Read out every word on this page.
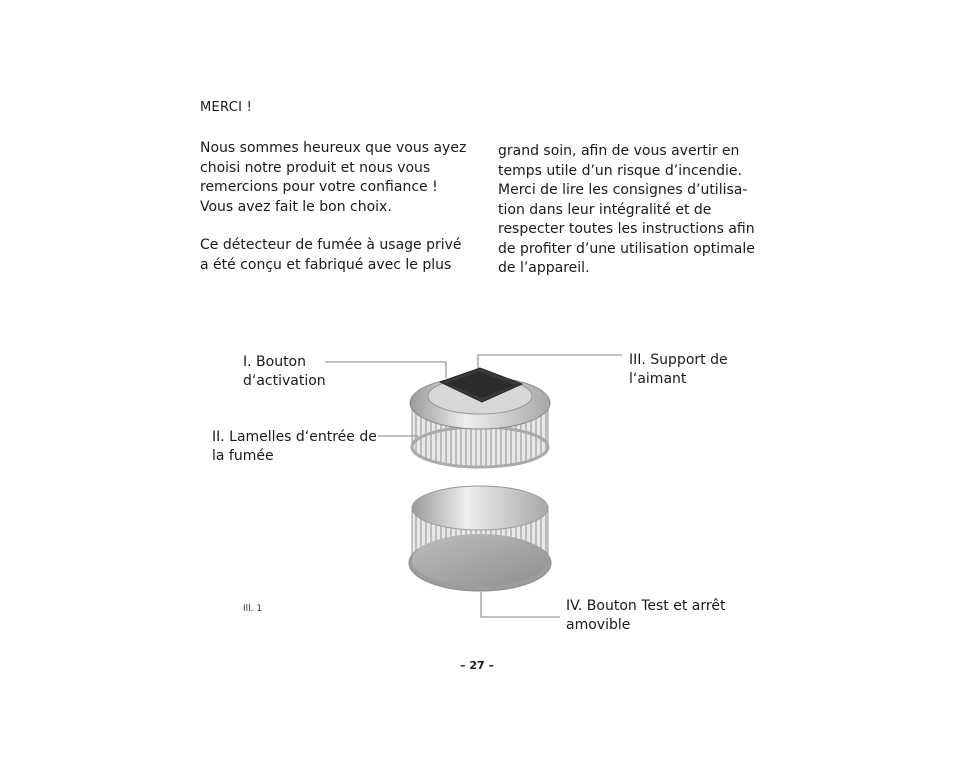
MERCI !
Nous sommes heureux que vous ayez
choisi notre produit et nous vous
remercions pour votre confiance !
Vous avez fait le bon choix.
Ce détecteur de fumée à usage privé
a été conçu et fabriqué avec le plus
grand soin, afin de vous avertir en
temps utile d’un risque d’incendie.
Merci de lire les consignes d’utilisa-
tion dans leur intégralité et de
respecter toutes les instructions afin
de profiter d’une utilisation optimale
de l’appareil.
I. Bouton
d‘activation
II. Lamelles d‘entrée de
la fumée
III. Support de
l‘aimant
IV. Bouton Test et arrêt
amovible
Ill. 1
– 27 –
